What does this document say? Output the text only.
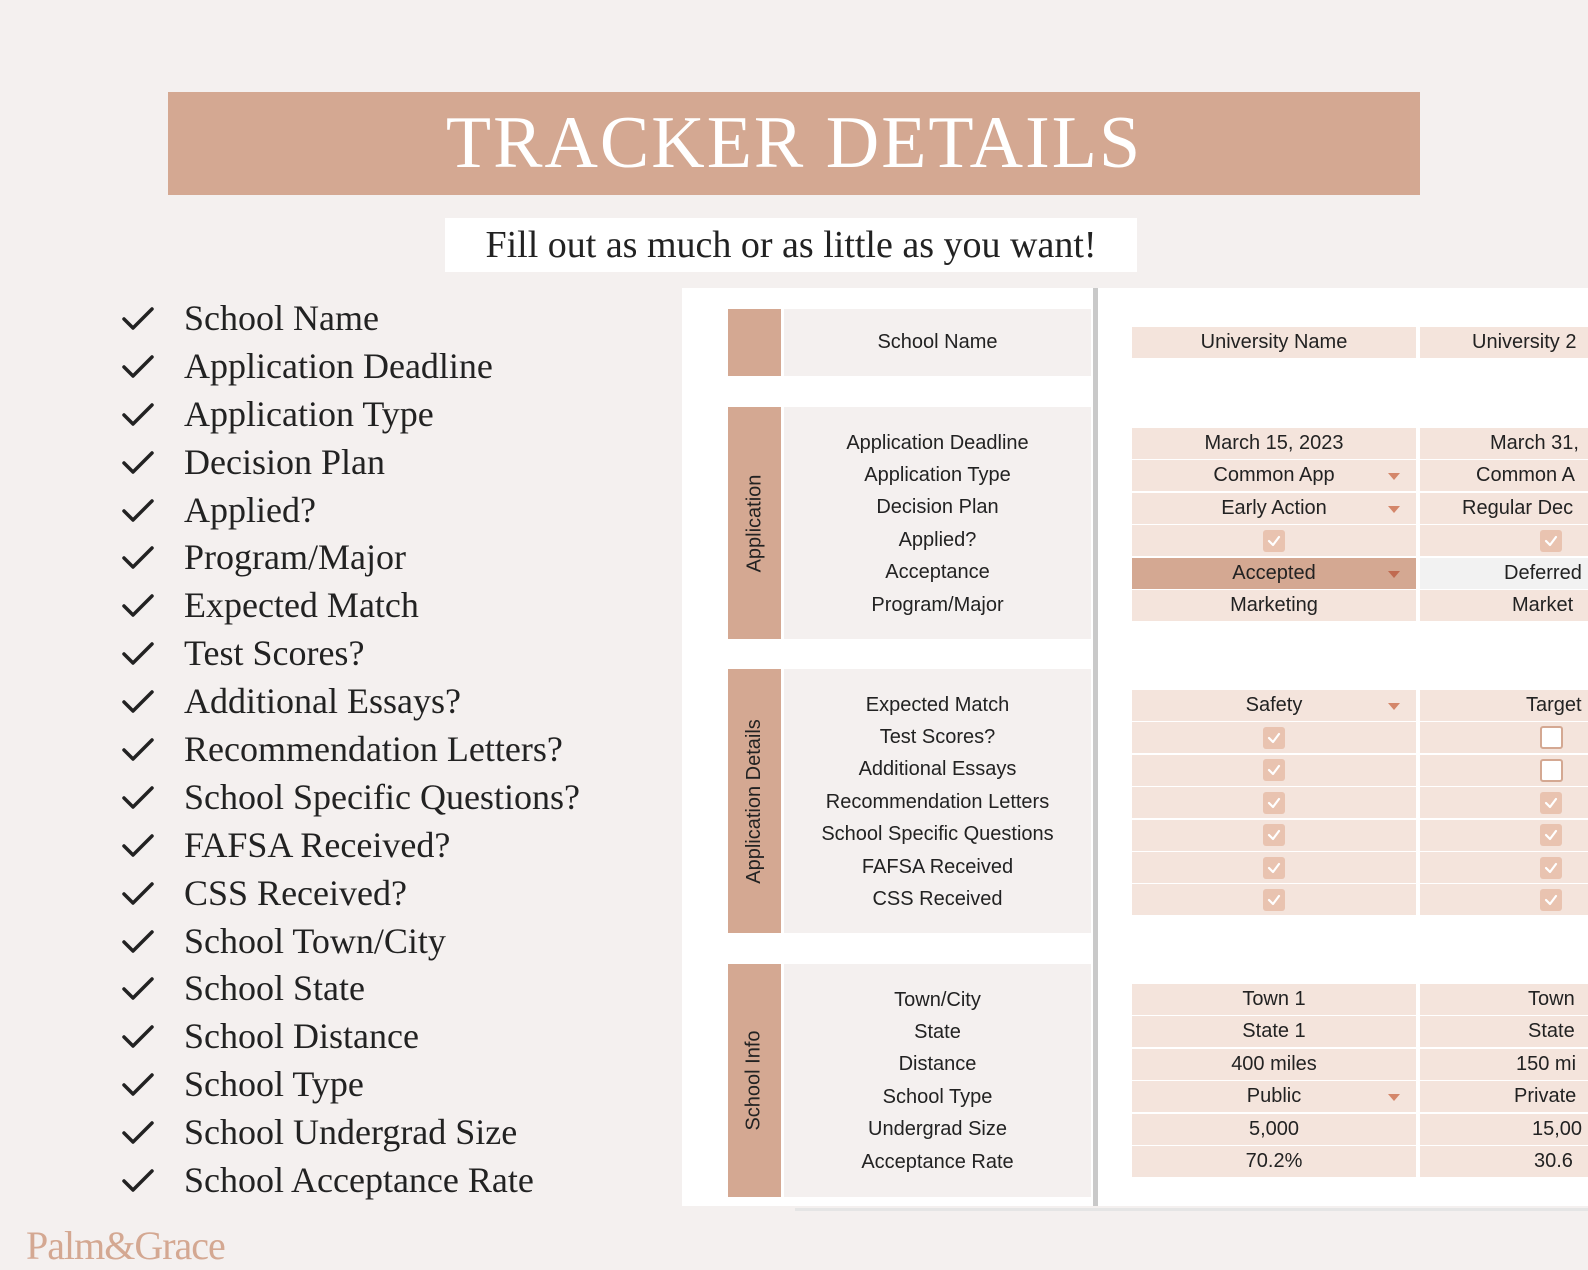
TRACKER DETAILS
Fill out as much or as little as you want!
School Name
Application Deadline
Application Type
Decision Plan
Applied?
Program/Major
Expected Match
Test Scores?
Additional Essays?
Recommendation Letters?
School Specific Questions?
FAFSA Received?
CSS Received?
School Town/City
School State
School Distance
School Type
School Undergrad Size
School Acceptance Rate
Palm&Grace
School Name
Application
Application Deadline
Application Type
Decision Plan
Applied?
Acceptance
Program/Major
Application Details
Expected Match
Test Scores?
Additional Essays
Recommendation Letters
School Specific Questions
FAFSA Received
CSS Received
School Info
Town/City
State
Distance
School Type
Undergrad Size
Acceptance Rate
University Name
March 15, 2023
Common App
Early Action
Accepted
Marketing
Safety
Town 1
State 1
400 miles
Public
5,000
70.2%
University 2
March 31,
Common A
Regular Dec
Deferred
Market
Target
Town
State
150 mi
Private
15,00
30.6
